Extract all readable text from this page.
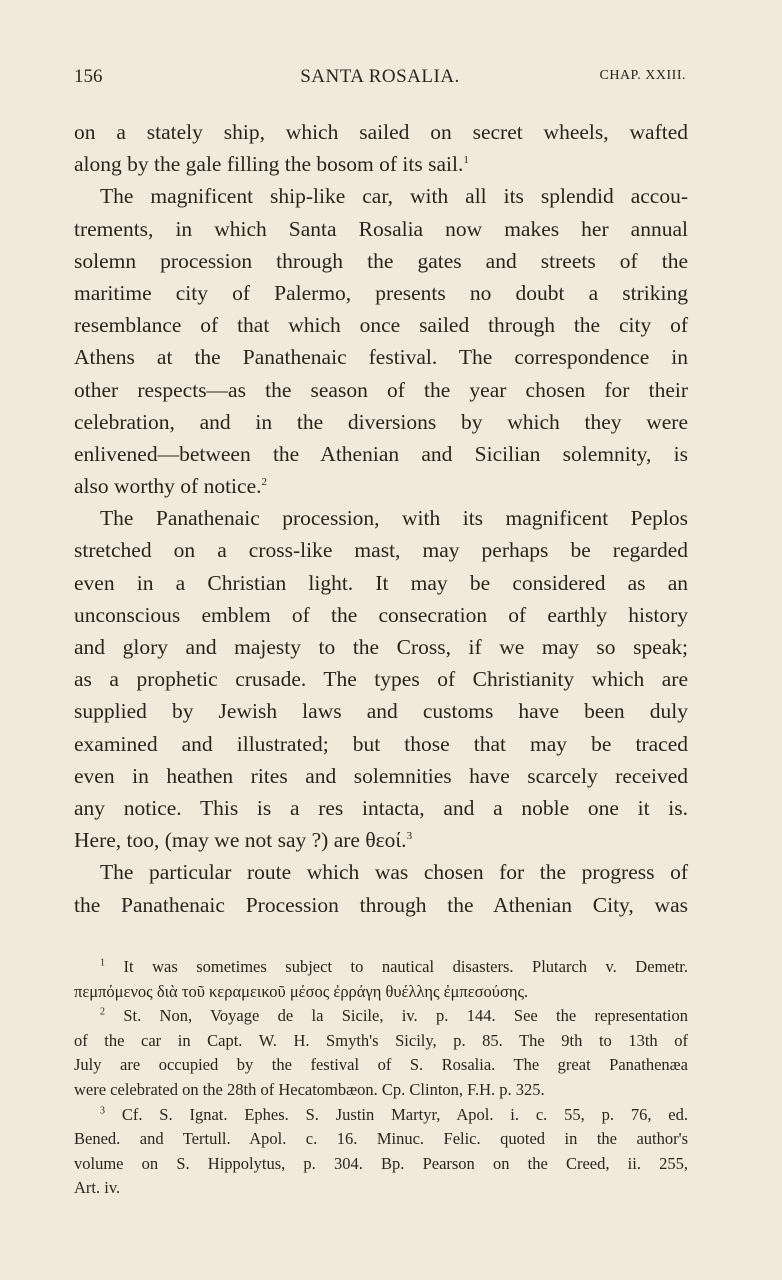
156	SANTA ROSALIA.	CHAP. XXIII.
on a stately ship, which sailed on secret wheels, wafted
along by the gale filling the bosom of its sail.$^1$
The magnificent ship-like car, with all its splendid accou-
trements, in which Santa Rosalia now makes her annual
solemn procession through the gates and streets of the
maritime city of Palermo, presents no doubt a striking
resemblance of that which once sailed through the city of
Athens at the Panathenaic festival. The correspondence in
other respects—as the season of the year chosen for their
celebration, and in the diversions by which they were
enlivened—between the Athenian and Sicilian solemnity, is
also worthy of notice.$^2$
The Panathenaic procession, with its magnificent Peplos
stretched on a cross-like mast, may perhaps be regarded
even in a Christian light. It may be considered as an
unconscious emblem of the consecration of earthly history
and glory and majesty to the Cross, if we may so speak;
as a prophetic crusade. The types of Christianity which are
supplied by Jewish laws and customs have been duly
examined and illustrated; but those that may be traced
even in heathen rites and solemnities have scarcely received
any notice. This is a res intacta, and a noble one it is.
Here, too, (may we not say ?) are θεοί.$^3$
The particular route which was chosen for the progress of
the Panathenaic Procession through the Athenian City, was
$^1$ It was sometimes subject to nautical disasters. Plutarch v. Demetr.
πεμπόμενος διὰ τοῦ κεραμεικοῦ μέσος ἐρράγη θυέλλης ἐμπεσούσης.
$^2$ St. Non, Voyage de la Sicile, iv. p. 144. See the representation
of the car in Capt. W. H. Smyth's Sicily, p. 85. The 9th to 13th of
July are occupied by the festival of S. Rosalia. The great Panathenæa
were celebrated on the 28th of Hecatombæon. Cp. Clinton, F.H. p. 325.
$^3$ Cf. S. Ignat. Ephes. S. Justin Martyr, Apol. i. c. 55, p. 76, ed.
Bened. and Tertull. Apol. c. 16. Minuc. Felic. quoted in the author's
volume on S. Hippolytus, p. 304. Bp. Pearson on the Creed, ii. 255,
Art. iv.
